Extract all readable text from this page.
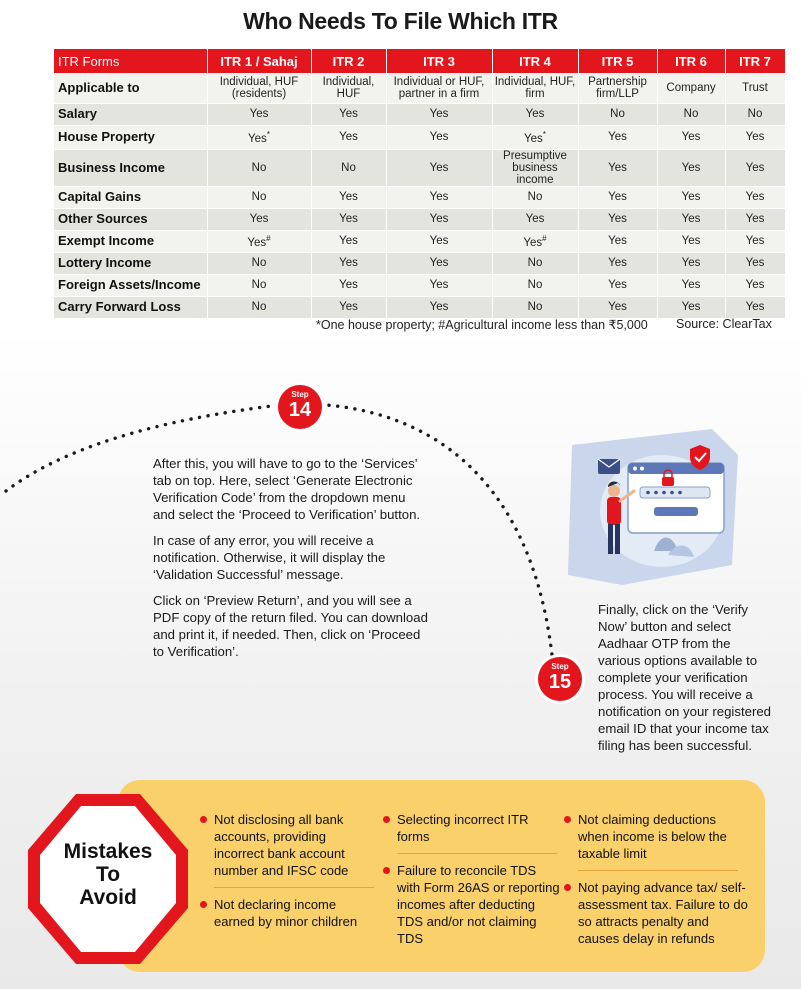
Who Needs To File Which ITR
ITR Forms	ITR 1 / Sahaj	ITR 2	ITR 3	ITR 4	ITR 5	ITR 6	ITR 7
Applicable to	Individual, HUF (residents)	Individual, HUF	Individual or HUF, partner in a firm	Individual, HUF, firm	Partnership firm/LLP	Company	Trust
Salary	Yes	Yes	Yes	Yes	No	No	No
House Property	Yes*	Yes	Yes	Yes*	Yes	Yes	Yes
Business Income	No	No	Yes	Presumptive business income	Yes	Yes	Yes
Capital Gains	No	Yes	Yes	No	Yes	Yes	Yes
Other Sources	Yes	Yes	Yes	Yes	Yes	Yes	Yes
Exempt Income	Yes#	Yes	Yes	Yes#	Yes	Yes	Yes
Lottery Income	No	Yes	Yes	No	Yes	Yes	Yes
Foreign Assets/Income	No	Yes	Yes	No	Yes	Yes	Yes
Carry Forward Loss	No	Yes	Yes	No	Yes	Yes	Yes
*One house property; #Agricultural income less than ₹5,000 Source: ClearTax
Step
14

After this, you will have to go to the ‘Services’ tab on top. Here, select ‘Generate Electronic Verification Code’ from the dropdown menu and select the ‘Proceed to Verification’ button.

In case of any error, you will receive a notification. Otherwise, it will display the ‘Validation Successful’ message.

Click on ‘Preview Return’, and you will see a PDF copy of the return filed. You can download and print it, if needed. Then, click on ‘Proceed to Verification’.

Step
15

Finally, click on the ‘Verify Now’ button and select Aadhaar OTP from the various options available to complete your verification process. You will receive a notification on your registered email ID that your income tax filing has been successful.

Mistakes
To
Avoid
Not disclosing all bank accounts, providing incorrect bank account number and IFSC code
Not declaring income earned by minor children
Selecting incorrect ITR forms
Failure to reconcile TDS with Form 26AS or reporting incomes after deducting TDS and/or not claiming TDS
Not claiming deductions when income is below the taxable limit
Not paying advance tax/ self-assessment tax. Failure to do so attracts penalty and causes delay in refunds
